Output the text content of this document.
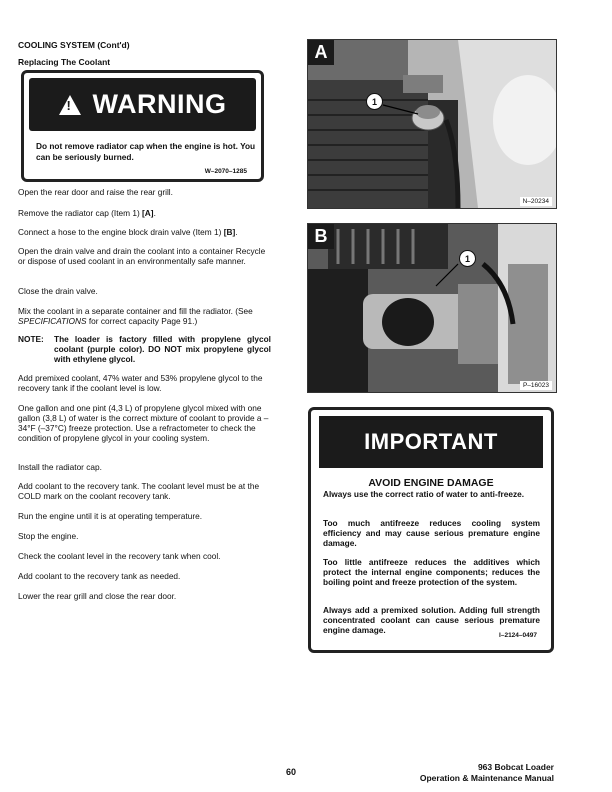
COOLING SYSTEM (Cont'd)
Replacing The Coolant
! WARNING
Do not remove radiator cap when the engine is hot. You can be seriously burned.
W–2070–1285
Open the rear door and raise the rear grill.
Remove the radiator cap (Item 1) [A].
Connect a hose to the engine block drain valve (Item 1) [B].
Open the drain valve and drain the coolant into a container Recycle or dispose of used coolant in an environmentally safe manner.
Close the drain valve.
Mix the coolant in a separate container and fill the radiator. (See SPECIFICATIONS for correct capacity Page 91.)
NOTE:	The loader is factory filled with propylene glycol coolant (purple color). DO NOT mix propylene glycol with ethylene glycol.
Add premixed coolant, 47% water and 53% propylene glycol to the recovery tank if the coolant level is low.
One gallon and one pint (4,3 L) of propylene glycol mixed with one gallon (3,8 L) of water is the correct mixture of coolant to provide a –34°F (–37°C) freeze protection. Use a refractometer to check the condition of propylene glycol in your cooling system.
Install the radiator cap.
Add coolant to the recovery tank. The coolant level must be at the COLD mark on the coolant recovery tank.
Run the engine until it is at operating temperature.
Stop the engine.
Check the coolant level in the recovery tank when cool.
Add coolant to the recovery tank as needed.
Lower the rear grill and close the rear door.
A
1
N–20234
B
1
P–16023
IMPORTANT
AVOID ENGINE DAMAGE
Always use the correct ratio of water to anti-freeze.
Too much antifreeze reduces cooling system efficiency and may cause serious premature engine damage.
Too little antifreeze reduces the additives which protect the internal engine components; reduces the boiling point and freeze protection of the system.
Always add a premixed solution. Adding full strength concentrated coolant can cause serious premature engine damage.
I–2124–0497
60	963 Bobcat Loader
Operation & Maintenance Manual
